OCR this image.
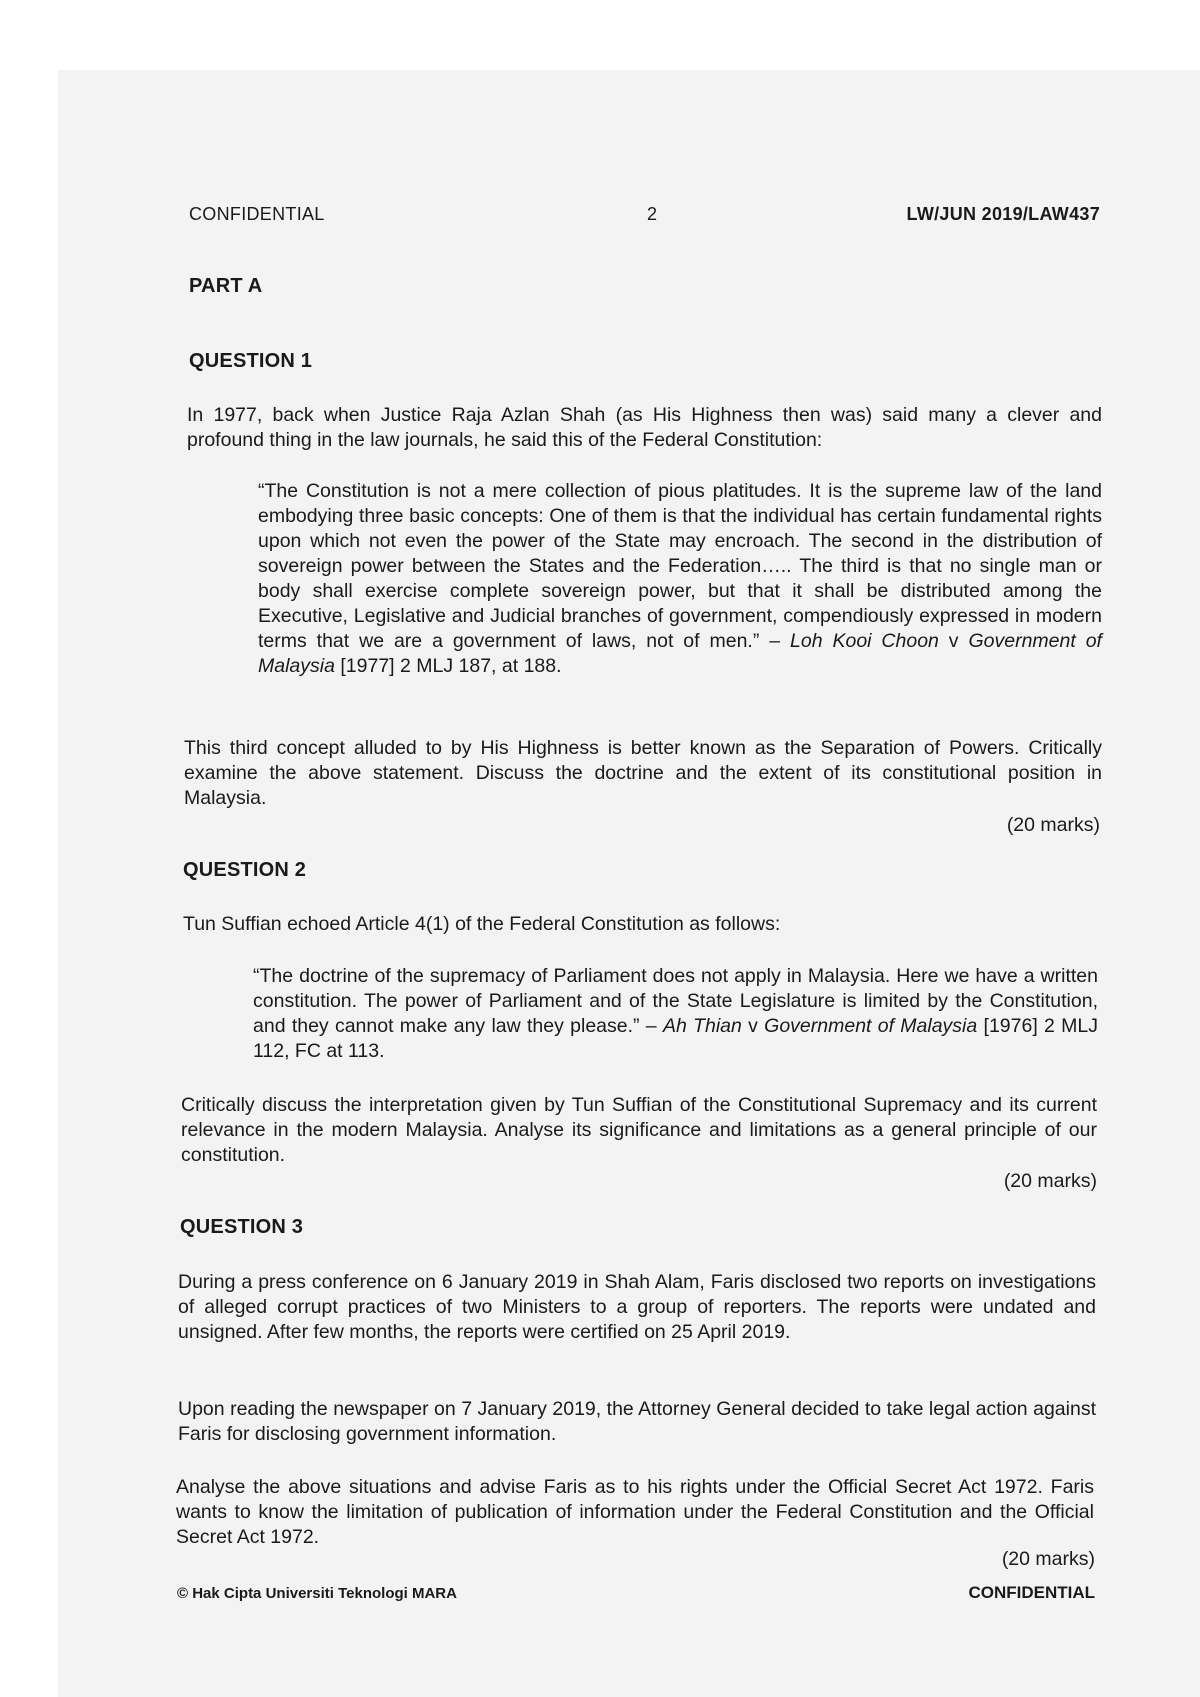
CONFIDENTIAL	2	LW/JUN 2019/LAW437
PART A
QUESTION 1

In 1977, back when Justice Raja Azlan Shah (as His Highness then was) said many a clever and profound thing in the law journals, he said this of the Federal Constitution:

“The Constitution is not a mere collection of pious platitudes. It is the supreme law of the land embodying three basic concepts: One of them is that the individual has certain fundamental rights upon which not even the power of the State may encroach. The second in the distribution of sovereign power between the States and the Federation….. The third is that no single man or body shall exercise complete sovereign power, but that it shall be distributed among the Executive, Legislative and Judicial branches of government, compendiously expressed in modern terms that we are a government of laws, not of men.” – Loh Kooi Choon v Government of Malaysia [1977] 2 MLJ 187, at 188.

This third concept alluded to by His Highness is better known as the Separation of Powers. Critically examine the above statement. Discuss the doctrine and the extent of its constitutional position in Malaysia.

(20 marks)
QUESTION 2

Tun Suffian echoed Article 4(1) of the Federal Constitution as follows:

“The doctrine of the supremacy of Parliament does not apply in Malaysia. Here we have a written constitution. The power of Parliament and of the State Legislature is limited by the Constitution, and they cannot make any law they please.” – Ah Thian v Government of Malaysia [1976] 2 MLJ 112, FC at 113.

Critically discuss the interpretation given by Tun Suffian of the Constitutional Supremacy and its current relevance in the modern Malaysia. Analyse its significance and limitations as a general principle of our constitution.

(20 marks)
QUESTION 3

During a press conference on 6 January 2019 in Shah Alam, Faris disclosed two reports on investigations of alleged corrupt practices of two Ministers to a group of reporters. The reports were undated and unsigned. After few months, the reports were certified on 25 April 2019.

Upon reading the newspaper on 7 January 2019, the Attorney General decided to take legal action against Faris for disclosing government information.

Analyse the above situations and advise Faris as to his rights under the Official Secret Act 1972. Faris wants to know the limitation of publication of information under the Federal Constitution and the Official Secret Act 1972.

(20 marks)
© Hak Cipta Universiti Teknologi MARA	CONFIDENTIAL
